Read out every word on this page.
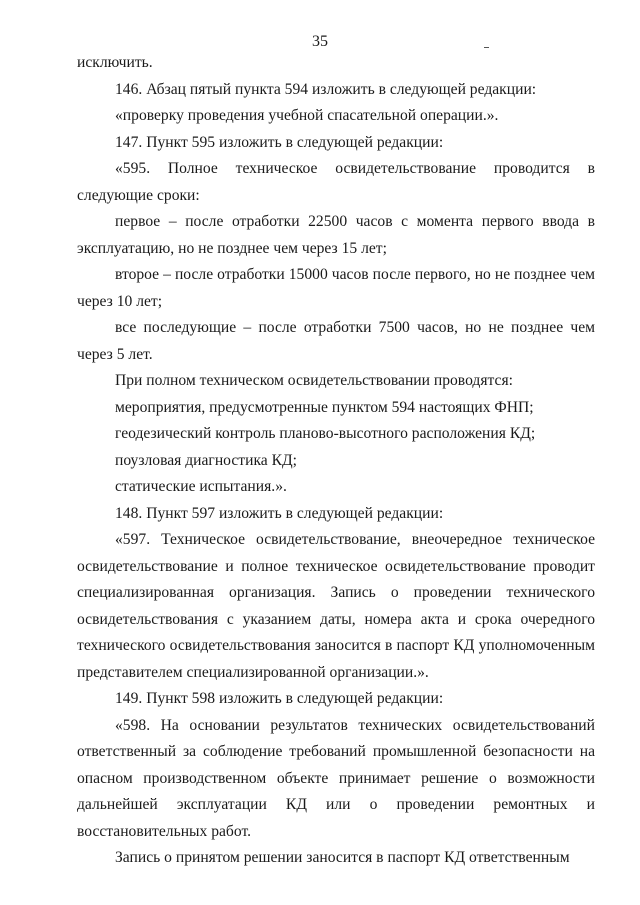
35

исключить.

146. Абзац пятый пункта 594 изложить в следующей редакции:

«проверку проведения учебной спасательной операции.».

147. Пункт 595 изложить в следующей редакции:

«595. Полное техническое освидетельствование проводится в следующие сроки:

первое – после отработки 22500 часов с момента первого ввода в эксплуатацию, но не позднее чем через 15 лет;

второе – после отработки 15000 часов после первого, но не позднее чем через 10 лет;

все последующие – после отработки 7500 часов, но не позднее чем через 5 лет.

При полном техническом освидетельствовании проводятся:

мероприятия, предусмотренные пунктом 594 настоящих ФНП;

геодезический контроль планово-высотного расположения КД;

поузловая диагностика КД;

статические испытания.».

148. Пункт 597 изложить в следующей редакции:

«597. Техническое освидетельствование, внеочередное техническое освидетельствование и полное техническое освидетельствование проводит специализированная организация. Запись о проведении технического освидетельствования с указанием даты, номера акта и срока очередного технического освидетельствования заносится в паспорт КД уполномоченным представителем специализированной организации.».

149. Пункт 598 изложить в следующей редакции:

«598. На основании результатов технических освидетельствований ответственный за соблюдение требований промышленной безопасности на опасном производственном объекте принимает решение о возможности дальнейшей эксплуатации КД или о проведении ремонтных и восстановительных работ.

Запись о принятом решении заносится в паспорт КД ответственным
